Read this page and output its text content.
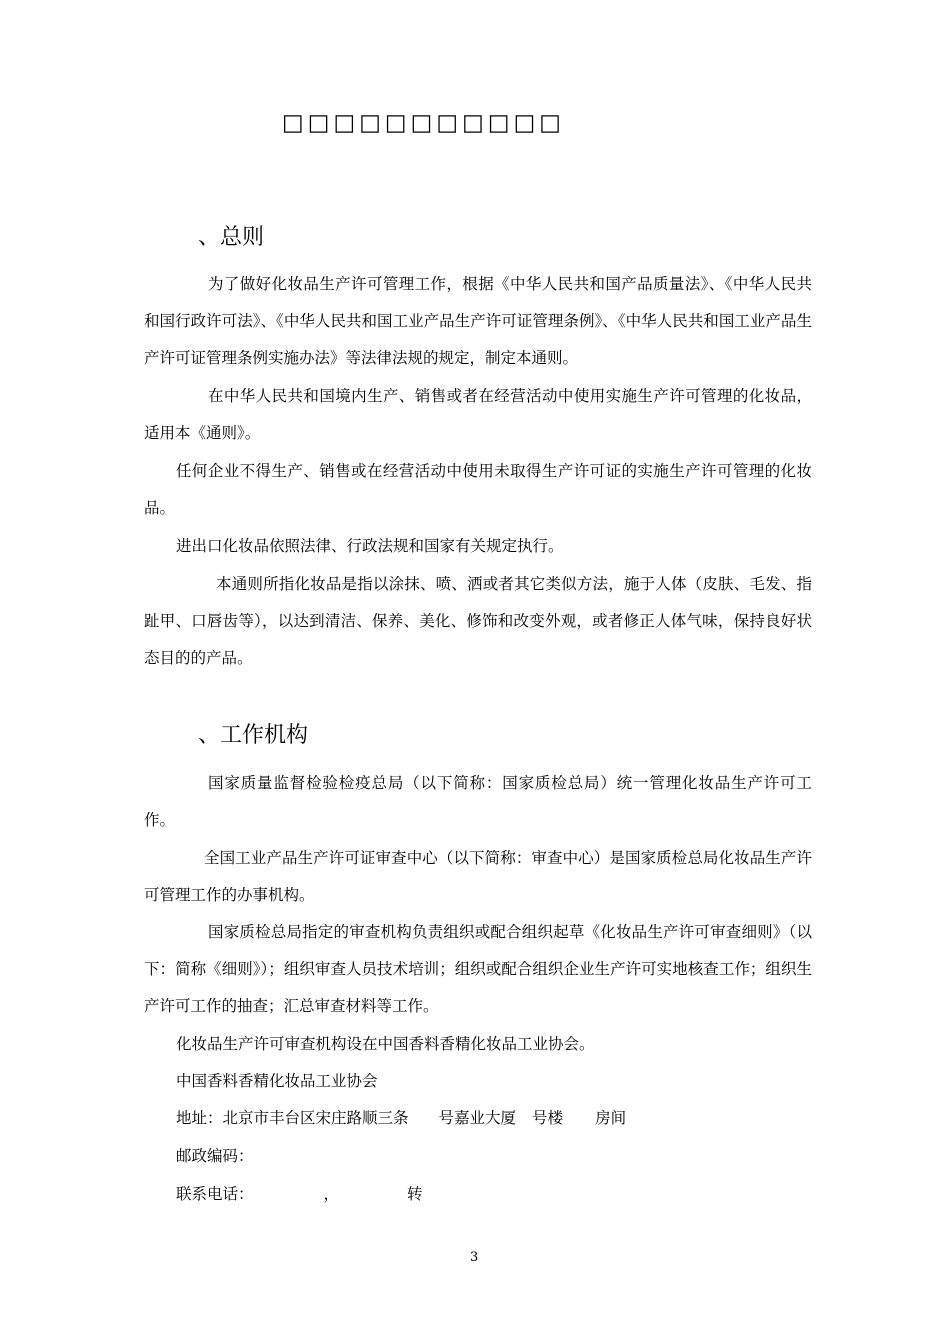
□□□□□□□□□□□
、总则

为了做好化妆品生产许可管理工作，根据《中华人民共和国产品质量法》、《中华人民共和国行政许可法》、《中华人民共和国工业产品生产许可证管理条例》、《中华人民共和国工业产品生产许可证管理条例实施办法》等法律法规的规定，制定本通则。

在中华人民共和国境内生产、销售或者在经营活动中使用实施生产许可管理的化妆品，适用本《通则》。

任何企业不得生产、销售或在经营活动中使用未取得生产许可证的实施生产许可管理的化妆品。

进出口化妆品依照法律、行政法规和国家有关规定执行。

本通则所指化妆品是指以涂抹、喷、洒或者其它类似方法，施于人体（皮肤、毛发、指趾甲、口唇齿等），以达到清洁、保养、美化、修饰和改变外观，或者修正人体气味，保持良好状态目的的产品。

、工作机构

国家质量监督检验检疫总局（以下简称：国家质检总局）统一管理化妆品生产许可工作。

全国工业产品生产许可证审查中心（以下简称：审查中心）是国家质检总局化妆品生产许可管理工作的办事机构。

国家质检总局指定的审查机构负责组织或配合组织起草《化妆品生产许可审查细则》（以下：简称《细则》）；组织审查人员技术培训；组织或配合组织企业生产许可实地核查工作；组织生产许可工作的抽查；汇总审查材料等工作。

化妆品生产许可审查机构设在中国香料香精化妆品工业协会。

中国香料香精化妆品工业协会

地址：北京市丰台区宋庄路顺三条 号嘉业大厦 号楼 房间

邮政编码：

联系电话：	，	转
3
